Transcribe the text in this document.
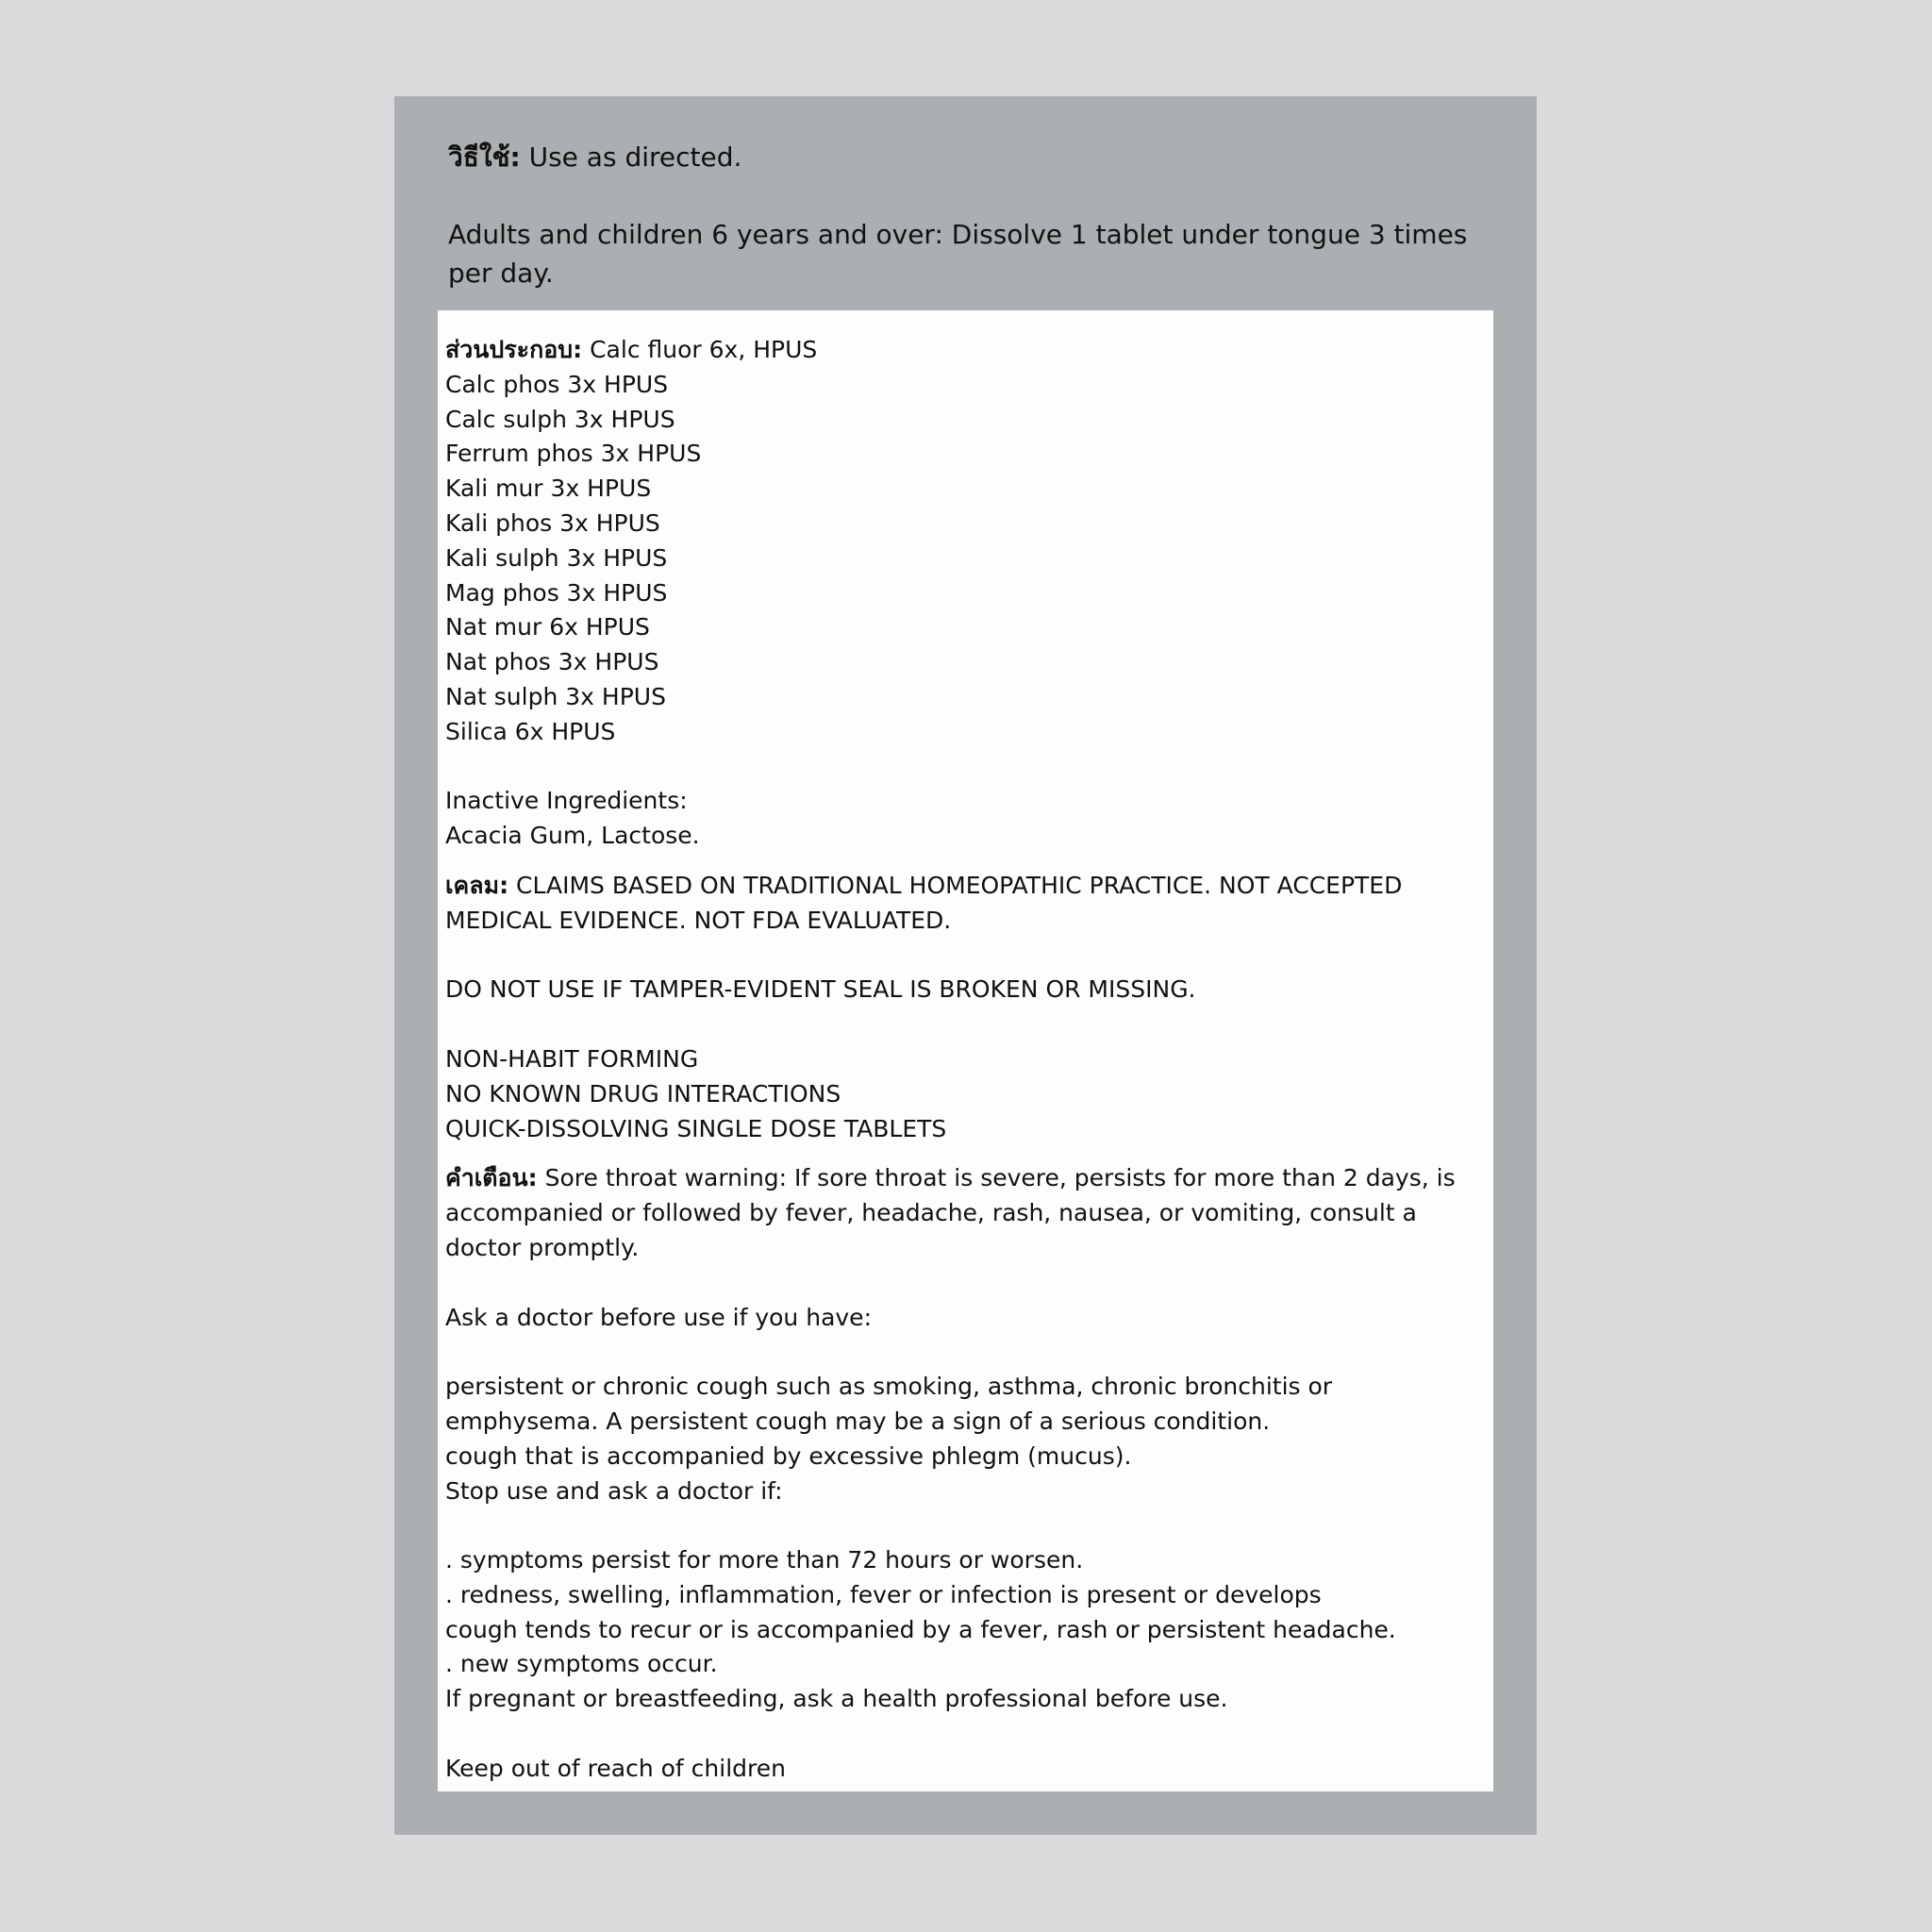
วิธีใช้: Use as directed.

Adults and children 6 years and over: Dissolve 1 tablet under tongue 3 times per day.

ส่วนประกอบ: Calc fluor 6x, HPUS

Calc phos 3x HPUS

Calc sulph 3x HPUS

Ferrum phos 3x HPUS

Kali mur 3x HPUS

Kali phos 3x HPUS

Kali sulph 3x HPUS

Mag phos 3x HPUS

Nat mur 6x HPUS

Nat phos 3x HPUS

Nat sulph 3x HPUS

Silica 6x HPUS

Inactive Ingredients:

Acacia Gum, Lactose.

เคลม: CLAIMS BASED ON TRADITIONAL HOMEOPATHIC PRACTICE. NOT ACCEPTED MEDICAL EVIDENCE. NOT FDA EVALUATED.

DO NOT USE IF TAMPER-EVIDENT SEAL IS BROKEN OR MISSING.

NON-HABIT FORMING

NO KNOWN DRUG INTERACTIONS

QUICK-DISSOLVING SINGLE DOSE TABLETS

คำเตือน: Sore throat warning: If sore throat is severe, persists for more than 2 days, is accompanied or followed by fever, headache, rash, nausea, or vomiting, consult a doctor promptly.

Ask a doctor before use if you have:

persistent or chronic cough such as smoking, asthma, chronic bronchitis or emphysema. A persistent cough may be a sign of a serious condition.

cough that is accompanied by excessive phlegm (mucus).

Stop use and ask a doctor if:

. symptoms persist for more than 72 hours or worsen.

. redness, swelling, inflammation, fever or infection is present or develops

cough tends to recur or is accompanied by a fever, rash or persistent headache.

. new symptoms occur.

If pregnant or breastfeeding, ask a health professional before use.

Keep out of reach of children
